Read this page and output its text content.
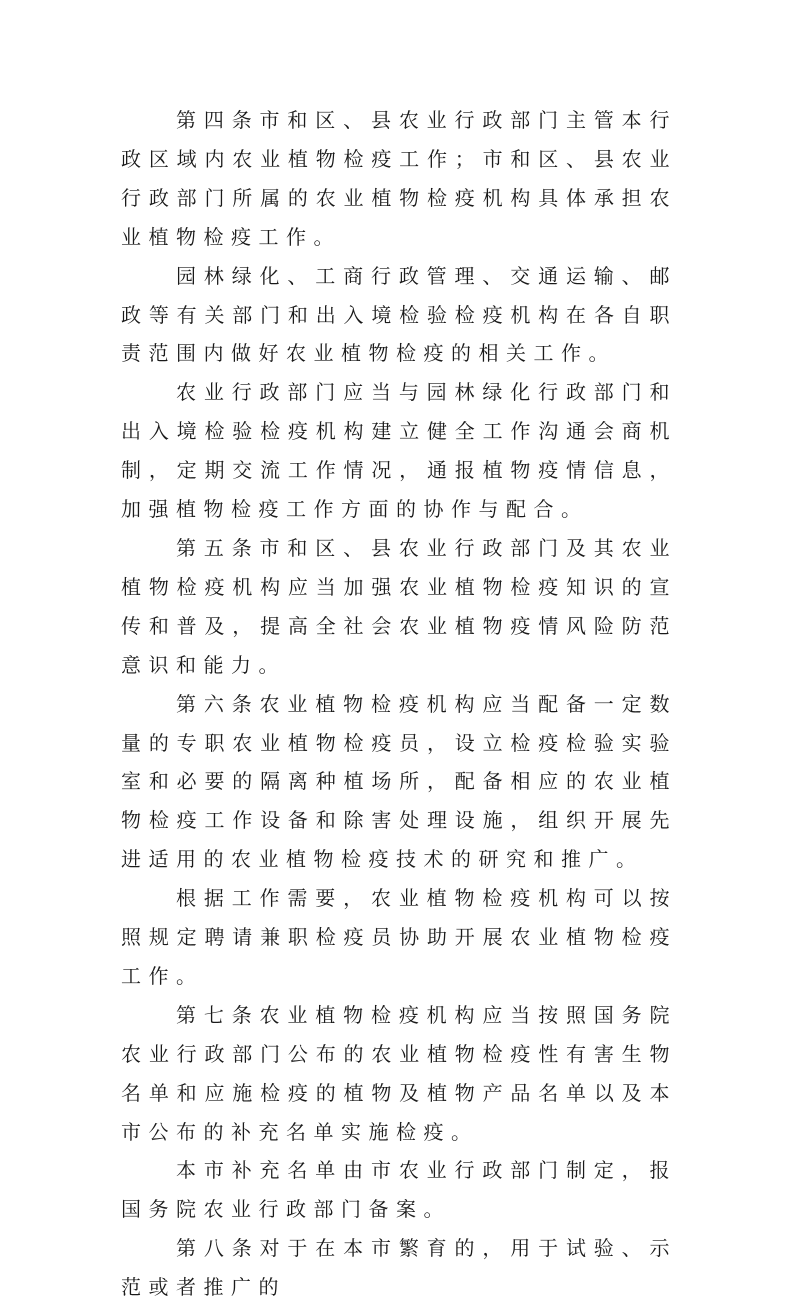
第四条市和区、县农业行政部门主管本行政区域内农业植物检疫工作；市和区、县农业行政部门所属的农业植物检疫机构具体承担农业植物检疫工作。

园林绿化、工商行政管理、交通运输、邮政等有关部门和出入境检验检疫机构在各自职责范围内做好农业植物检疫的相关工作。

农业行政部门应当与园林绿化行政部门和出入境检验检疫机构建立健全工作沟通会商机制，定期交流工作情况，通报植物疫情信息，加强植物检疫工作方面的协作与配合。

第五条市和区、县农业行政部门及其农业植物检疫机构应当加强农业植物检疫知识的宣传和普及，提高全社会农业植物疫情风险防范意识和能力。

第六条农业植物检疫机构应当配备一定数量的专职农业植物检疫员，设立检疫检验实验室和必要的隔离种植场所，配备相应的农业植物检疫工作设备和除害处理设施，组织开展先进适用的农业植物检疫技术的研究和推广。

根据工作需要，农业植物检疫机构可以按照规定聘请兼职检疫员协助开展农业植物检疫工作。

第七条农业植物检疫机构应当按照国务院农业行政部门公布的农业植物检疫性有害生物名单和应施检疫的植物及植物产品名单以及本市公布的补充名单实施检疫。

本市补充名单由市农业行政部门制定，报国务院农业行政部门备案。

第八条对于在本市繁育的，用于试验、示范或者推广的
